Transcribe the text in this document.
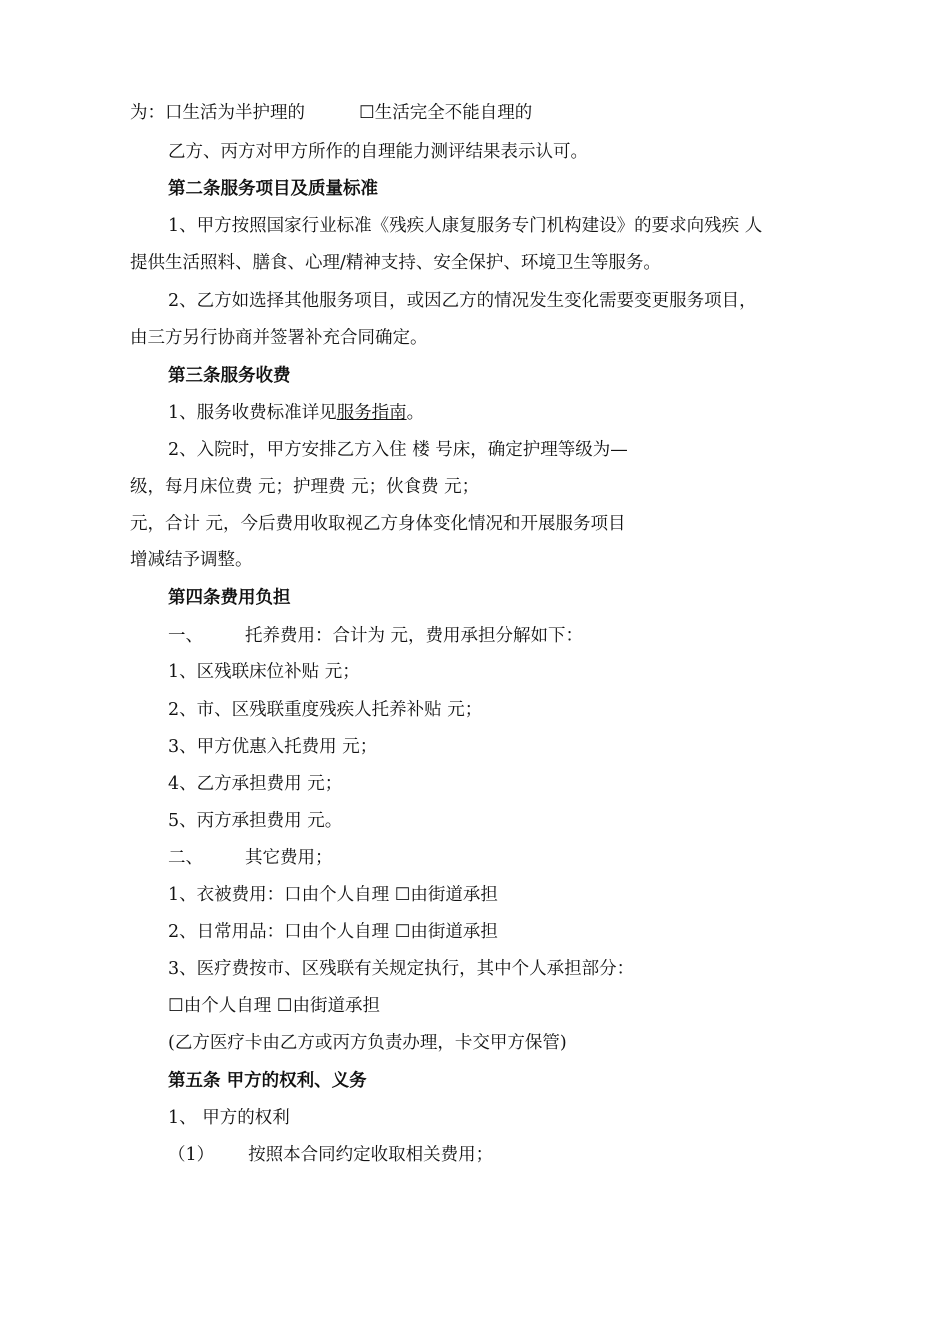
为：口生活为半护理的	☐生活完全不能自理的
乙方、丙方对甲方所作的自理能力测评结果表示认可。
第二条服务项目及质量标准
1、甲方按照国家行业标准《残疾人康复服务专门机构建设》的要求向残疾 人
提供生活照料、膳食、心理/精神支持、安全保护、环境卫生等服务。
2、乙方如选择其他服务项目，或因乙方的情况发生变化需要变更服务项目，
由三方另行协商并签署补充合同确定。
第三条服务收费
1、服务收费标准详见服务指南。
2、入院时，甲方安排乙方入住 楼 号床，确定护理等级为—
级，每月床位费 元；护理费 元；伙食费 元；
元，合计 元，今后费用收取视乙方身体变化情况和开展服务项目
增减结予调整。
第四条费用负担
一、 托养费用：合计为 元，费用承担分解如下：
1、区残联床位补贴 元；
2、市、区残联重度残疾人托养补贴 元；
3、甲方优惠入托费用 元；
4、乙方承担费用 元；
5、丙方承担费用 元。
二、 其它费用；
1、衣被费用：口由个人自理 ☐由街道承担
2、日常用品：口由个人自理 ☐由街道承担
3、医疗费按市、区残联有关规定执行，其中个人承担部分：
☐由个人自理 ☐由街道承担
(乙方医疗卡由乙方或丙方负责办理，卡交甲方保管)
第五条 甲方的权利、义务
1、 甲方的权利
（1） 按照本合同约定收取相关费用；
